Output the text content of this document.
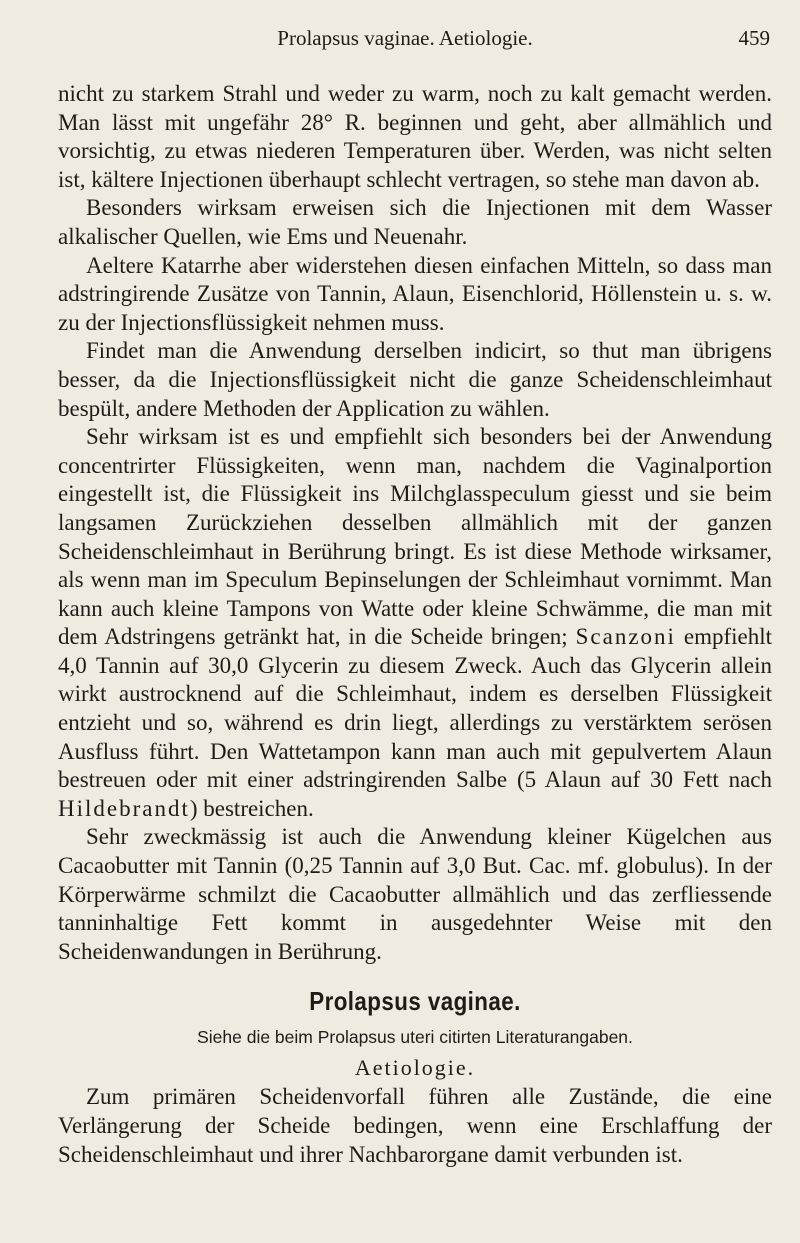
Prolapsus vaginae. Aetiologie.	459

nicht zu starkem Strahl und weder zu warm, noch zu kalt gemacht werden. Man lässt mit ungefähr 28° R. beginnen und geht, aber allmählich und vorsichtig, zu etwas niederen Temperaturen über. Werden, was nicht selten ist, kältere Injectionen überhaupt schlecht vertragen, so stehe man davon ab.

Besonders wirksam erweisen sich die Injectionen mit dem Wasser alkalischer Quellen, wie Ems und Neuenahr.

Aeltere Katarrhe aber widerstehen diesen einfachen Mitteln, so dass man adstringirende Zusätze von Tannin, Alaun, Eisenchlorid, Höllenstein u. s. w. zu der Injectionsflüssigkeit nehmen muss.

Findet man die Anwendung derselben indicirt, so thut man übrigens besser, da die Injectionsflüssigkeit nicht die ganze Scheidenschleimhaut bespült, andere Methoden der Application zu wählen.

Sehr wirksam ist es und empfiehlt sich besonders bei der Anwendung concentrirter Flüssigkeiten, wenn man, nachdem die Vaginalportion eingestellt ist, die Flüssigkeit ins Milchglasspeculum giesst und sie beim langsamen Zurückziehen desselben allmählich mit der ganzen Scheidenschleimhaut in Berührung bringt. Es ist diese Methode wirksamer, als wenn man im Speculum Bepinselungen der Schleimhaut vornimmt. Man kann auch kleine Tampons von Watte oder kleine Schwämme, die man mit dem Adstringens getränkt hat, in die Scheide bringen; Scanzoni empfiehlt 4,0 Tannin auf 30,0 Glycerin zu diesem Zweck. Auch das Glycerin allein wirkt austrocknend auf die Schleimhaut, indem es derselben Flüssigkeit entzieht und so, während es drin liegt, allerdings zu verstärktem serösen Ausfluss führt. Den Wattetampon kann man auch mit gepulvertem Alaun bestreuen oder mit einer adstringirenden Salbe (5 Alaun auf 30 Fett nach Hildebrandt) bestreichen.

Sehr zweckmässig ist auch die Anwendung kleiner Kügelchen aus Cacaobutter mit Tannin (0,25 Tannin auf 3,0 But. Cac. mf. globulus). In der Körperwärme schmilzt die Cacaobutter allmählich und das zerfliessende tanninhaltige Fett kommt in ausgedehnter Weise mit den Scheidenwandungen in Berührung.

Prolapsus vaginae.

Siehe die beim Prolapsus uteri citirten Literaturangaben.

Aetiologie.

Zum primären Scheidenvorfall führen alle Zustände, die eine Verlängerung der Scheide bedingen, wenn eine Erschlaffung der Scheidenschleimhaut und ihrer Nachbarorgane damit verbunden ist.
